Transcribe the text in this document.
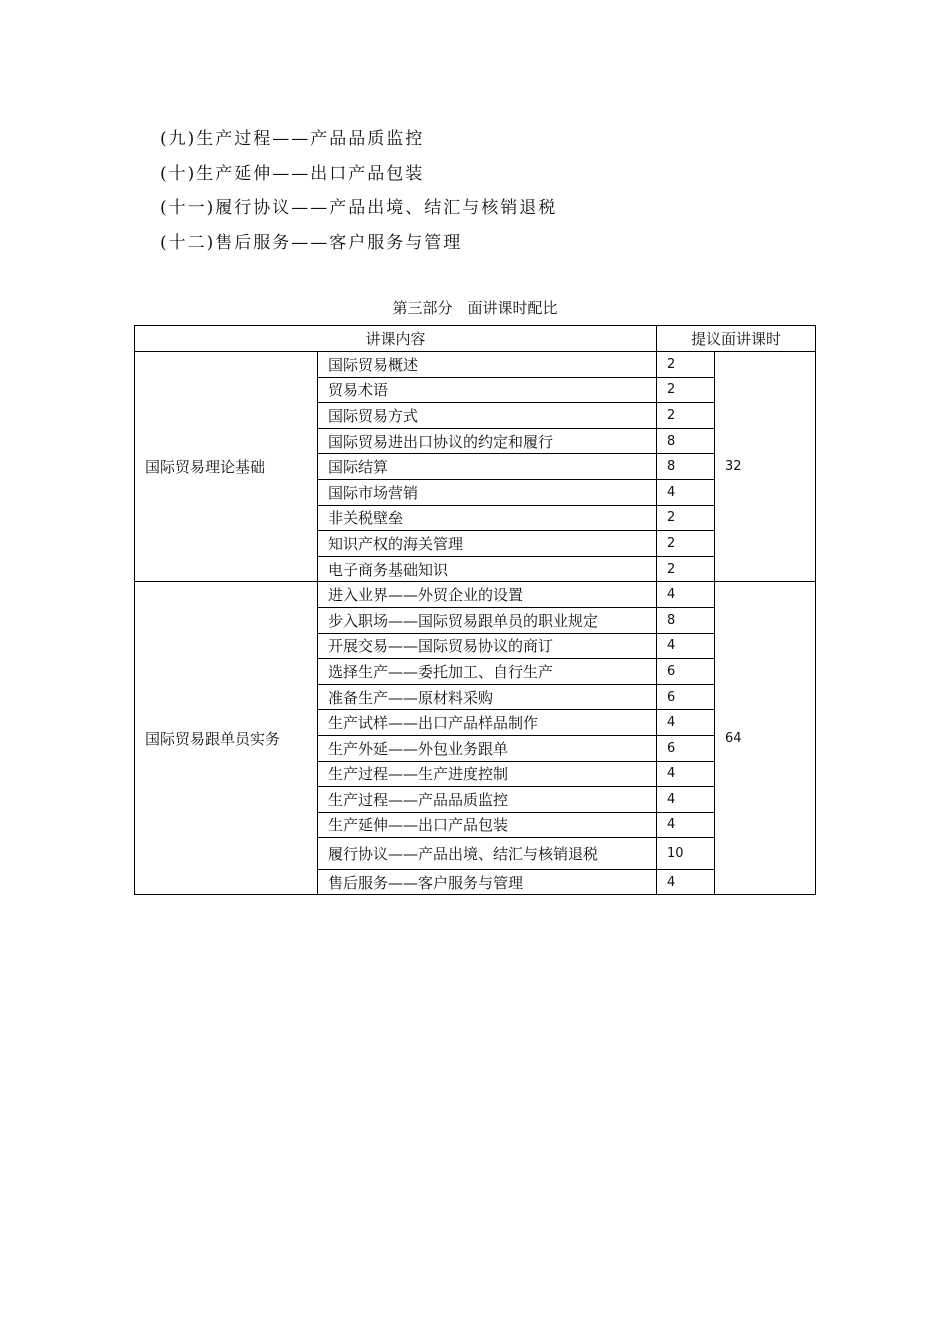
(九)生产过程——产品品质监控
(十)生产延伸——出口产品包装
(十一)履行协议——产品出境、结汇与核销退税
(十二)售后服务——客户服务与管理
第三部分　面讲课时配比
讲课内容		提议面讲课时	
国际贸易理论基础	国际贸易概述	2	32
	贸易术语	2	
	国际贸易方式	2	
	国际贸易进出口协议的约定和履行	8	
	国际结算	8	
	国际市场营销	4	
	非关税壁垒	2	
	知识产权的海关管理	2	
	电子商务基础知识	2	
国际贸易跟单员实务	进入业界——外贸企业的设置	4	64
	步入职场——国际贸易跟单员的职业规定	8	
	开展交易——国际贸易协议的商订	4	
	选择生产——委托加工、自行生产	6	
	准备生产——原材料采购	6	
	生产试样——出口产品样品制作	4	
	生产外延——外包业务跟单	6	
	生产过程——生产进度控制	4	
	生产过程——产品品质监控	4	
	生产延伸——出口产品包装	4	
	履行协议——产品出境、结汇与核销退税	10	
	售后服务——客户服务与管理	4	
